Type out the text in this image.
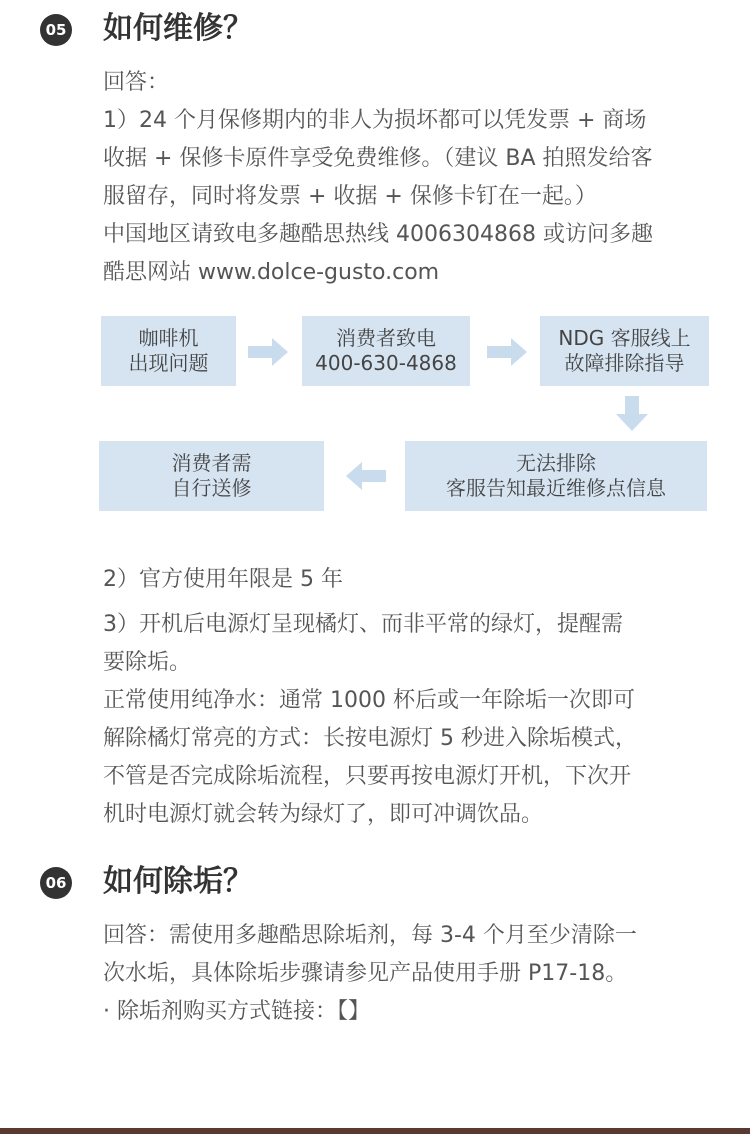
05 如何维修？
回答：
1）24 个月保修期内的非人为损坏都可以凭发票 + 商场
收据 + 保修卡原件享受免费维修。（建议 BA 拍照发给客
服留存，同时将发票 + 收据 + 保修卡钉在一起。）
中国地区请致电多趣酷思热线 4006304868 或访问多趣
酷思网站 www.dolce-gusto.com
咖啡机
出现问题
消费者致电
400-630-4868
NDG 客服线上
故障排除指导
无法排除
客服告知最近维修点信息
消费者需
自行送修
2）官方使用年限是 5 年
3）开机后电源灯呈现橘灯、而非平常的绿灯，提醒需
要除垢。
正常使用纯净水：通常 1000 杯后或一年除垢一次即可
解除橘灯常亮的方式：长按电源灯 5 秒进入除垢模式，
不管是否完成除垢流程，只要再按电源灯开机，下次开
机时电源灯就会转为绿灯了，即可冲调饮品。
06 如何除垢？
回答：需使用多趣酷思除垢剂，每 3-4 个月至少清除一
次水垢，具体除垢步骤请参见产品使用手册 P17-18。
· 除垢剂购买方式链接：【】
